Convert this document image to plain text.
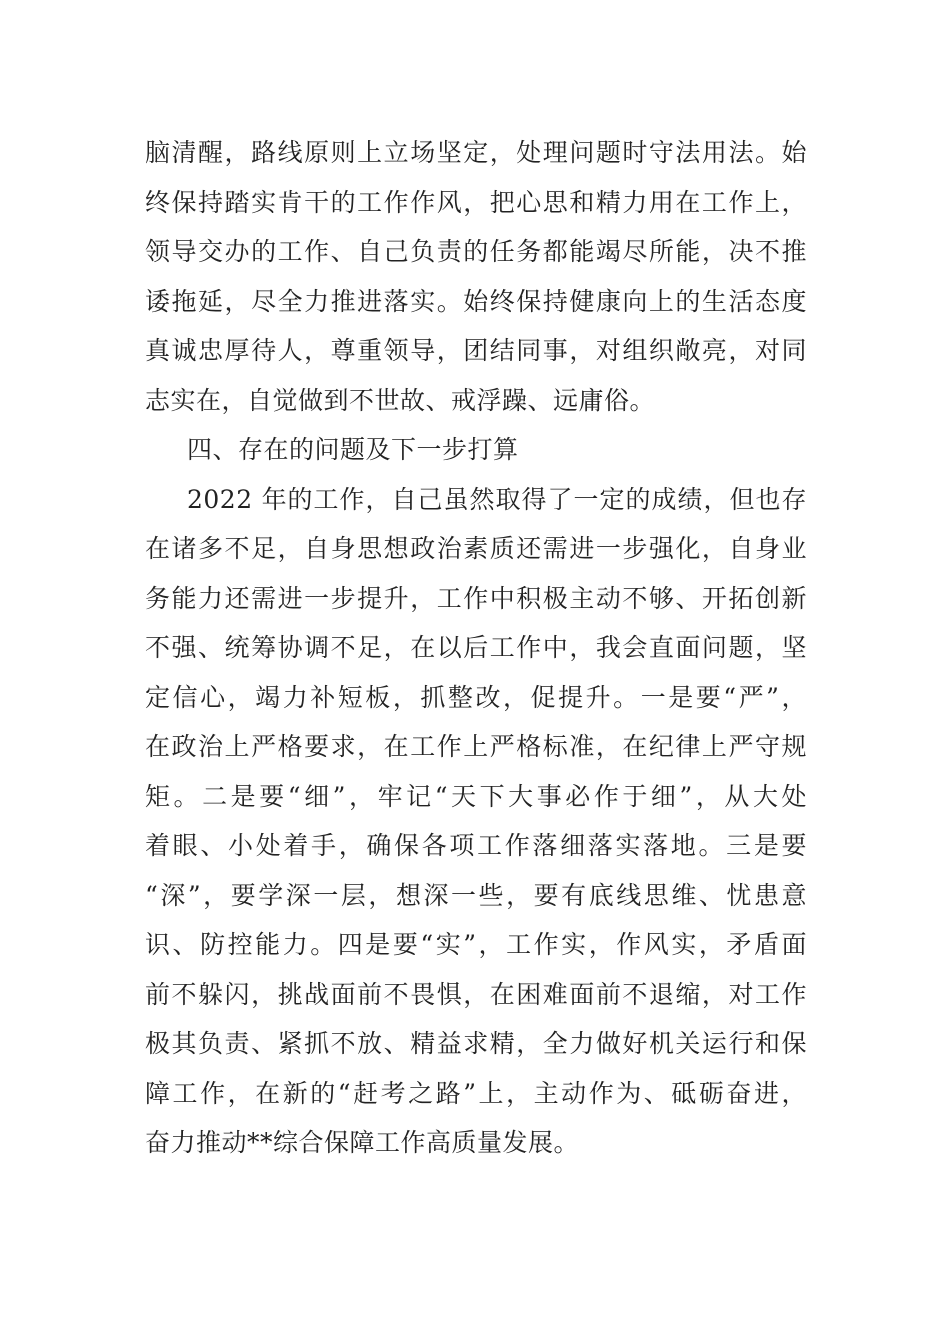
脑清醒，路线原则上立场坚定，处理问题时守法用法。始
终保持踏实肯干的工作作风，把心思和精力用在工作上，
领导交办的工作、自己负责的任务都能竭尽所能，决不推
诿拖延，尽全力推进落实。始终保持健康向上的生活态度
真诚忠厚待人，尊重领导，团结同事，对组织敞亮，对同
志实在，自觉做到不世故、戒浮躁、远庸俗。
四、存在的问题及下一步打算
2022 年的工作，自己虽然取得了一定的成绩，但也存
在诸多不足，自身思想政治素质还需进一步强化，自身业
务能力还需进一步提升，工作中积极主动不够、开拓创新
不强、统筹协调不足，在以后工作中，我会直面问题，坚
定信心，竭力补短板，抓整改，促提升。一是要“严”，
在政治上严格要求，在工作上严格标准，在纪律上严守规
矩。二是要“细”，牢记“天下大事必作于细”，从大处
着眼、小处着手，确保各项工作落细落实落地。三是要
“深”，要学深一层，想深一些，要有底线思维、忧患意
识、防控能力。四是要“实”，工作实，作风实，矛盾面
前不躲闪，挑战面前不畏惧，在困难面前不退缩，对工作
极其负责、紧抓不放、精益求精，全力做好机关运行和保
障工作，在新的“赶考之路”上，主动作为、砥砺奋进，
奋力推动**综合保障工作高质量发展。
